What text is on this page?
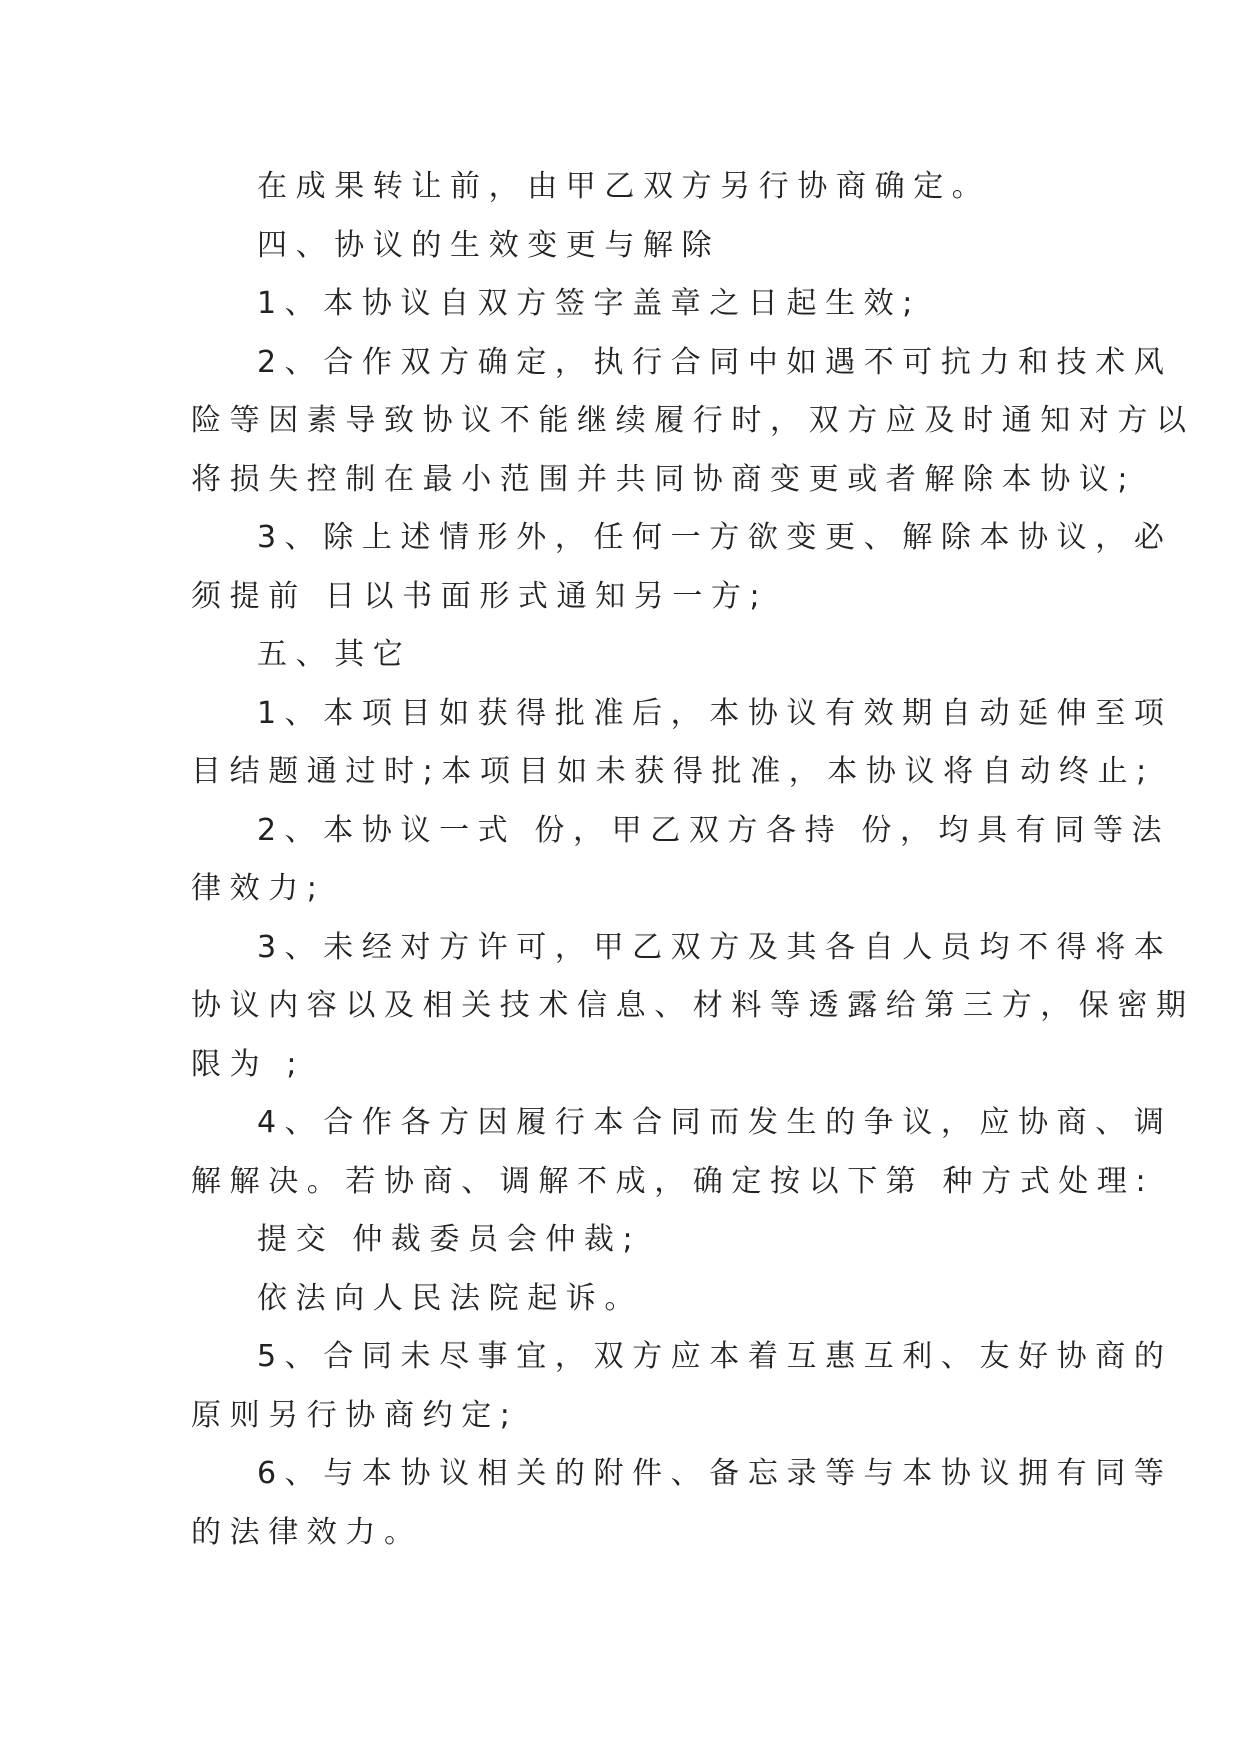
在成果转让前，由甲乙双方另行协商确定。
四、协议的生效变更与解除
1、本协议自双方签字盖章之日起生效;
2、合作双方确定，执行合同中如遇不可抗力和技术风
险等因素导致协议不能继续履行时，双方应及时通知对方以
将损失控制在最小范围并共同协商变更或者解除本协议;
3、除上述情形外，任何一方欲变更、解除本协议，必
须提前 日以书面形式通知另一方;
五、其它
1、本项目如获得批准后，本协议有效期自动延伸至项
目结题通过时;本项目如未获得批准，本协议将自动终止;
2、本协议一式 份，甲乙双方各持 份，均具有同等法
律效力;
3、未经对方许可，甲乙双方及其各自人员均不得将本
协议内容以及相关技术信息、材料等透露给第三方，保密期
限为 ;
4、合作各方因履行本合同而发生的争议，应协商、调
解解决。若协商、调解不成，确定按以下第 种方式处理:
提交 仲裁委员会仲裁;
依法向人民法院起诉。
5、合同未尽事宜，双方应本着互惠互利、友好协商的
原则另行协商约定;
6、与本协议相关的附件、备忘录等与本协议拥有同等
的法律效力。
